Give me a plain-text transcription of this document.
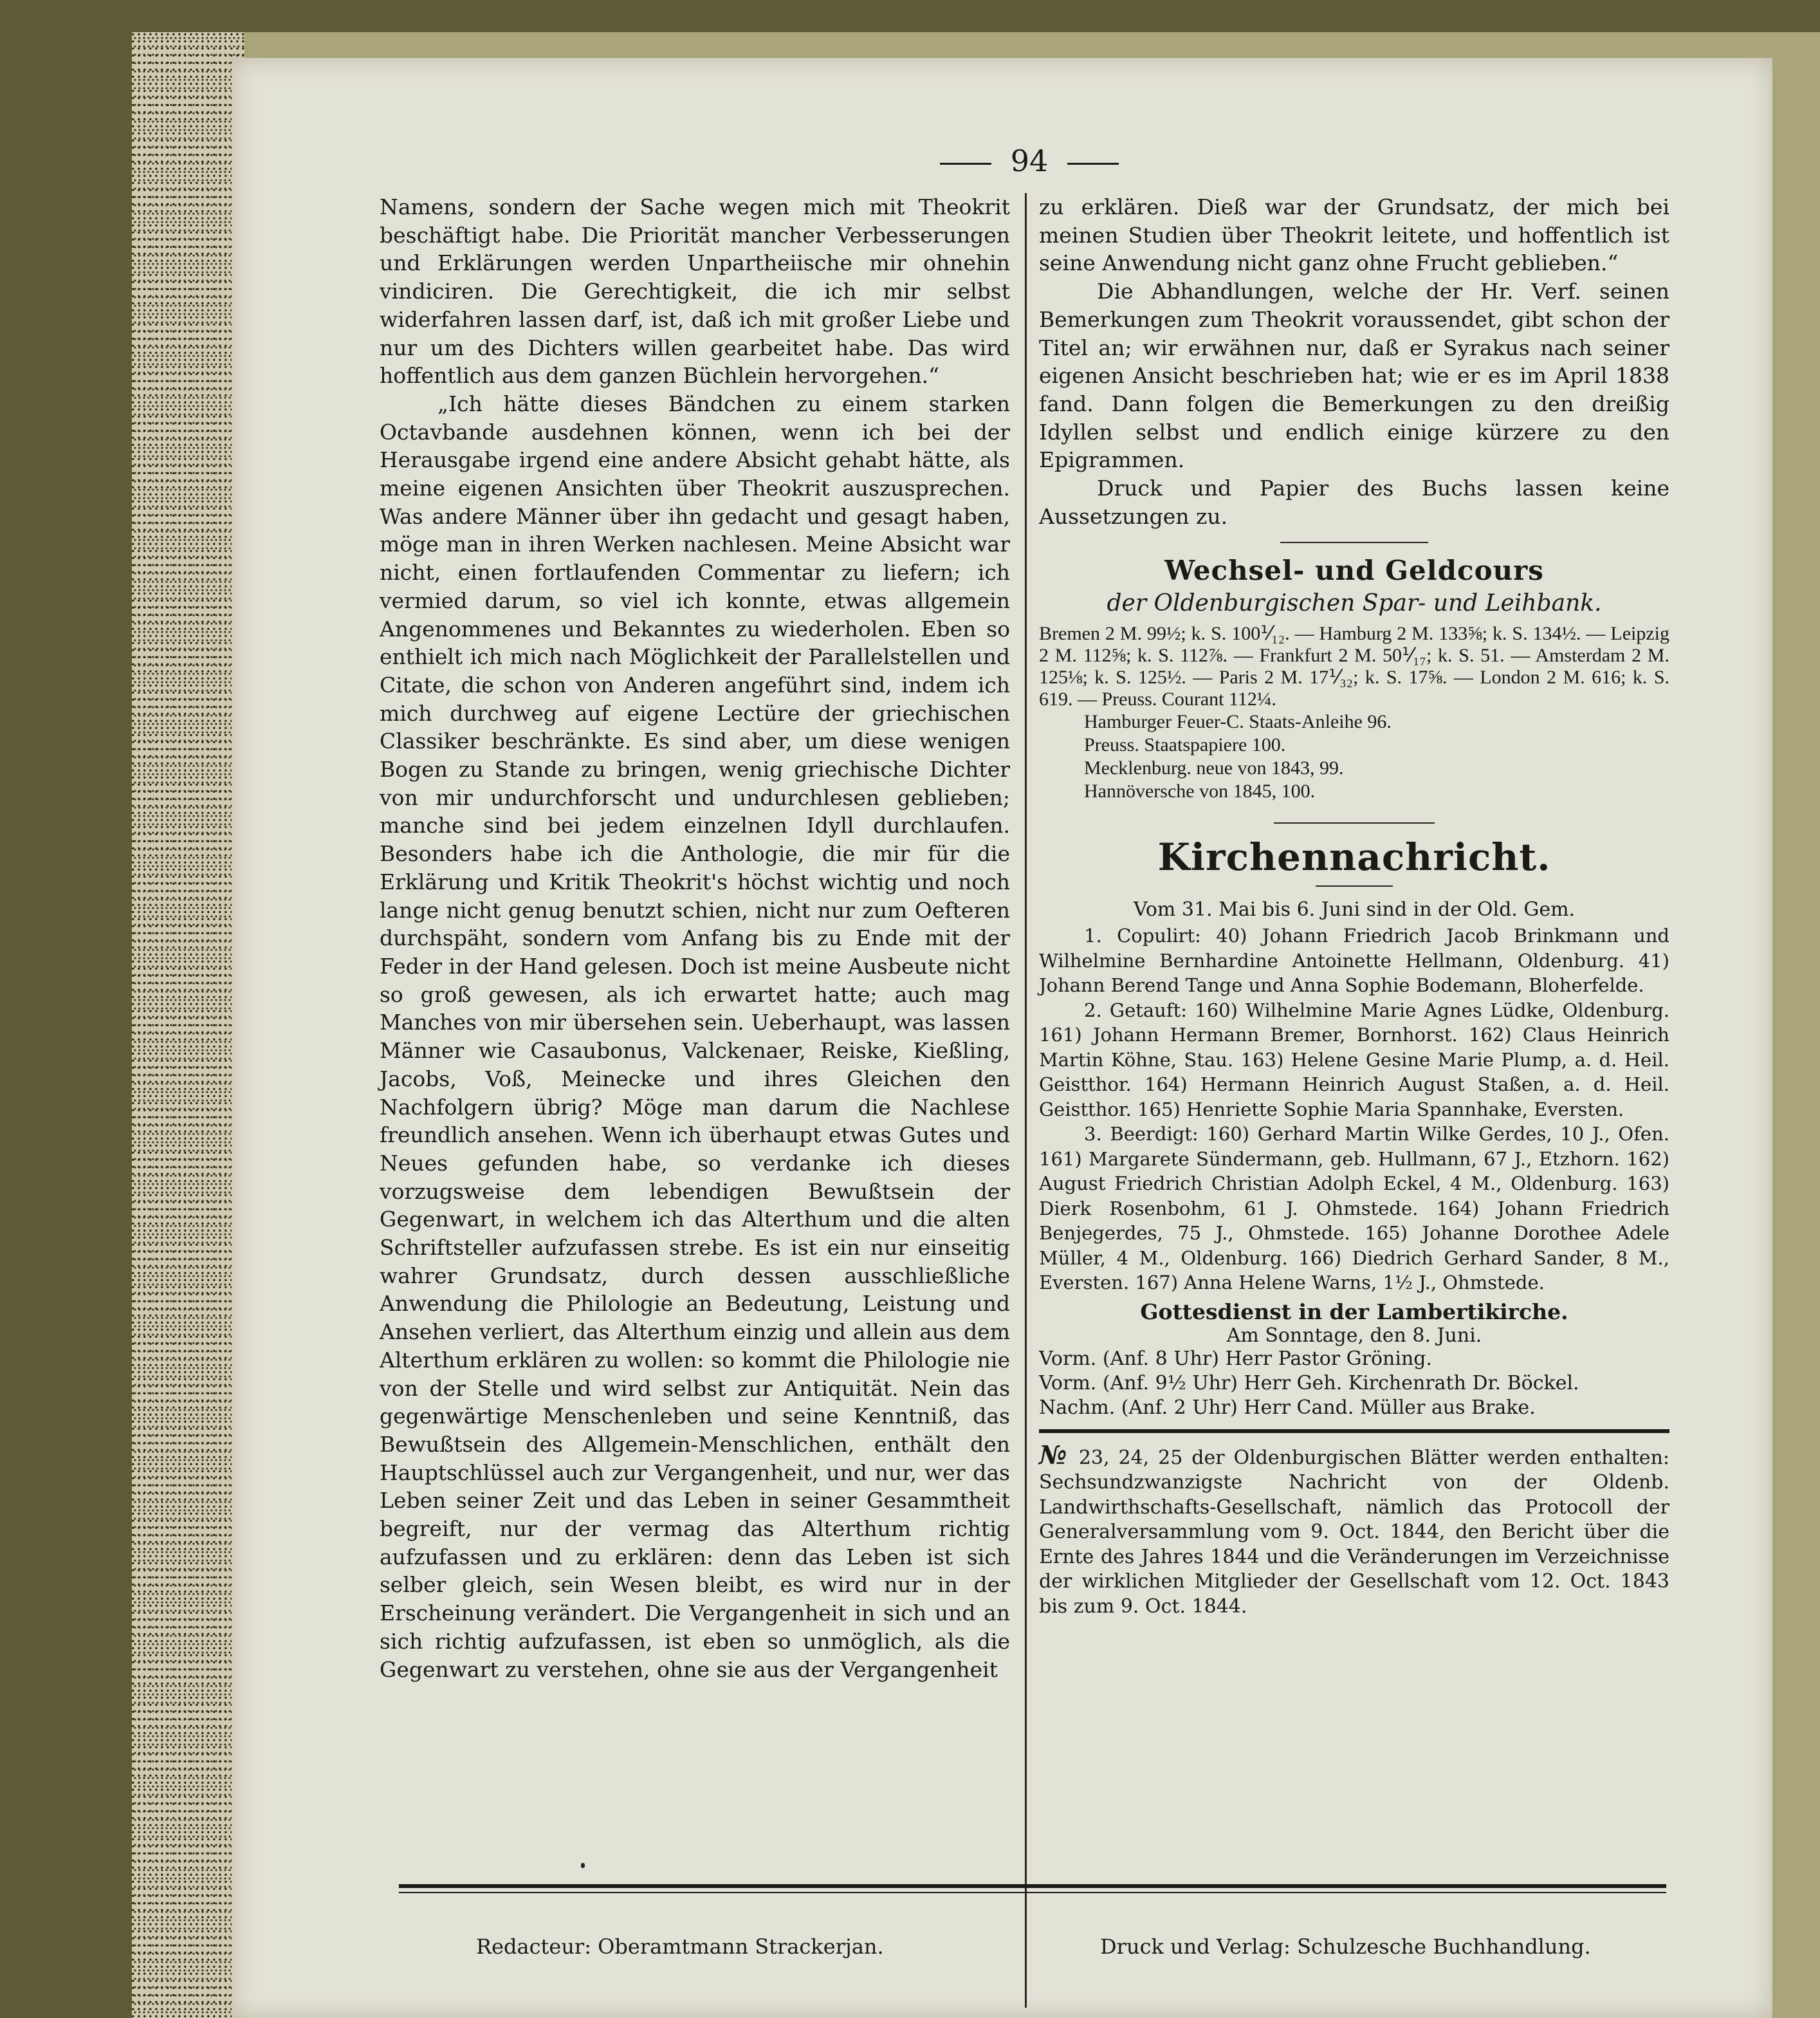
94

Namens, sondern der Sache wegen mich mit Theokrit beschäftigt habe. Die Priorität mancher Verbesserungen und Erklärungen werden Unpartheiische mir ohnehin vindiciren. Die Gerechtigkeit, die ich mir selbst widerfahren lassen darf, ist, daß ich mit großer Liebe und nur um des Dichters willen gearbeitet habe. Das wird hoffentlich aus dem ganzen Büchlein hervorgehen.“

„Ich hätte dieses Bändchen zu einem starken Octavbande ausdehnen können, wenn ich bei der Herausgabe irgend eine andere Absicht gehabt hätte, als meine eigenen Ansichten über Theokrit auszusprechen. Was andere Männer über ihn gedacht und gesagt haben, möge man in ihren Werken nachlesen. Meine Absicht war nicht, einen fortlaufenden Commentar zu liefern; ich vermied darum, so viel ich konnte, etwas allgemein Angenommenes und Bekanntes zu wiederholen. Eben so enthielt ich mich nach Möglichkeit der Parallelstellen und Citate, die schon von Anderen angeführt sind, indem ich mich durchweg auf eigene Lectüre der griechischen Classiker beschränkte. Es sind aber, um diese wenigen Bogen zu Stande zu bringen, wenig griechische Dichter von mir undurchforscht und undurchlesen geblieben; manche sind bei jedem einzelnen Idyll durchlaufen. Besonders habe ich die Anthologie, die mir für die Erklärung und Kritik Theokrit's höchst wichtig und noch lange nicht genug benutzt schien, nicht nur zum Oefteren durchspäht, sondern vom Anfang bis zu Ende mit der Feder in der Hand gelesen. Doch ist meine Ausbeute nicht so groß gewesen, als ich erwartet hatte; auch mag Manches von mir übersehen sein. Ueberhaupt, was lassen Männer wie Casaubonus, Valckenaer, Reiske, Kießling, Jacobs, Voß, Meinecke und ihres Gleichen den Nachfolgern übrig? Möge man darum die Nachlese freundlich ansehen. Wenn ich überhaupt etwas Gutes und Neues gefunden habe, so verdanke ich dieses vorzugsweise dem lebendigen Bewußtsein der Gegenwart, in welchem ich das Alterthum und die alten Schriftsteller aufzufassen strebe. Es ist ein nur einseitig wahrer Grundsatz, durch dessen ausschließliche Anwendung die Philologie an Bedeutung, Leistung und Ansehen verliert, das Alterthum einzig und allein aus dem Alterthum erklären zu wollen: so kommt die Philologie nie von der Stelle und wird selbst zur Antiquität. Nein das gegenwärtige Menschenleben und seine Kenntniß, das Bewußtsein des Allgemein-Menschlichen, enthält den Hauptschlüssel auch zur Vergangenheit, und nur, wer das Leben seiner Zeit und das Leben in seiner Gesammtheit begreift, nur der vermag das Alterthum richtig aufzufassen und zu erklären: denn das Leben ist sich selber gleich, sein Wesen bleibt, es wird nur in der Erscheinung verändert. Die Vergangenheit in sich und an sich richtig aufzufassen, ist eben so unmöglich, als die Gegenwart zu verstehen, ohne sie aus der Vergangenheit

zu erklären. Dieß war der Grundsatz, der mich bei meinen Studien über Theokrit leitete, und hoffentlich ist seine Anwendung nicht ganz ohne Frucht geblieben.“

Die Abhandlungen, welche der Hr. Verf. seinen Bemerkungen zum Theokrit voraussendet, gibt schon der Titel an; wir erwähnen nur, daß er Syrakus nach seiner eigenen Ansicht beschrieben hat; wie er es im April 1838 fand. Dann folgen die Bemerkungen zu den dreißig Idyllen selbst und endlich einige kürzere zu den Epigrammen.

Druck und Papier des Buchs lassen keine Aussetzungen zu.

Wechsel- und Geldcours
der Oldenburgischen Spar- und Leihbank.
Bremen 2 M. 99½; k. S. 100⅟₁₂. — Hamburg 2 M. 133⅝; k. S. 134½. — Leipzig 2 M. 112⅝; k. S. 112⅞. — Frankfurt 2 M. 50⅟₁₇; k. S. 51. — Amsterdam 2 M. 125⅛; k. S. 125½. — Paris 2 M. 17⅟₃₂; k. S. 17⅝. — London 2 M. 616; k. S. 619. — Preuss. Courant 112¼.
Hamburger Feuer-C. Staats-Anleihe 96.
Preuss. Staatspapiere 100.
Mecklenburg. neue von 1843, 99.
Hannöversche von 1845, 100.
Kirchennachricht.
Vom 31. Mai bis 6. Juni sind in der Old. Gem.
1. Copulirt: 40) Johann Friedrich Jacob Brinkmann und Wilhelmine Bernhardine Antoinette Hellmann, Oldenburg. 41) Johann Berend Tange und Anna Sophie Bodemann, Bloherfelde.
2. Getauft: 160) Wilhelmine Marie Agnes Lüdke, Oldenburg. 161) Johann Hermann Bremer, Bornhorst. 162) Claus Heinrich Martin Köhne, Stau. 163) Helene Gesine Marie Plump, a. d. Heil. Geistthor. 164) Hermann Heinrich August Staßen, a. d. Heil. Geistthor. 165) Henriette Sophie Maria Spannhake, Eversten.
3. Beerdigt: 160) Gerhard Martin Wilke Gerdes, 10 J., Ofen. 161) Margarete Sündermann, geb. Hullmann, 67 J., Etzhorn. 162) August Friedrich Christian Adolph Eckel, 4 M., Oldenburg. 163) Dierk Rosenbohm, 61 J. Ohmstede. 164) Johann Friedrich Benjegerdes, 75 J., Ohmstede. 165) Johanne Dorothee Adele Müller, 4 M., Oldenburg. 166) Diedrich Gerhard Sander, 8 M., Eversten. 167) Anna Helene Warns, 1½ J., Ohmstede.
Gottesdienst in der Lambertikirche.
Am Sonntage, den 8. Juni.
Vorm. (Anf. 8 Uhr) Herr Pastor Gröning.
Vorm. (Anf. 9½ Uhr) Herr Geh. Kirchenrath Dr. Böckel.
Nachm. (Anf. 2 Uhr) Herr Cand. Müller aus Brake.
№ 23, 24, 25 der Oldenburgischen Blätter werden enthalten: Sechsundzwanzigste Nachricht von der Oldenb. Landwirthschafts-Gesellschaft, nämlich das Protocoll der Generalversammlung vom 9. Oct. 1844, den Bericht über die Ernte des Jahres 1844 und die Veränderungen im Verzeichnisse der wirklichen Mitglieder der Gesellschaft vom 12. Oct. 1843 bis zum 9. Oct. 1844.
Redacteur: Oberamtmann Strackerjan.	Druck und Verlag: Schulzesche Buchhandlung.
